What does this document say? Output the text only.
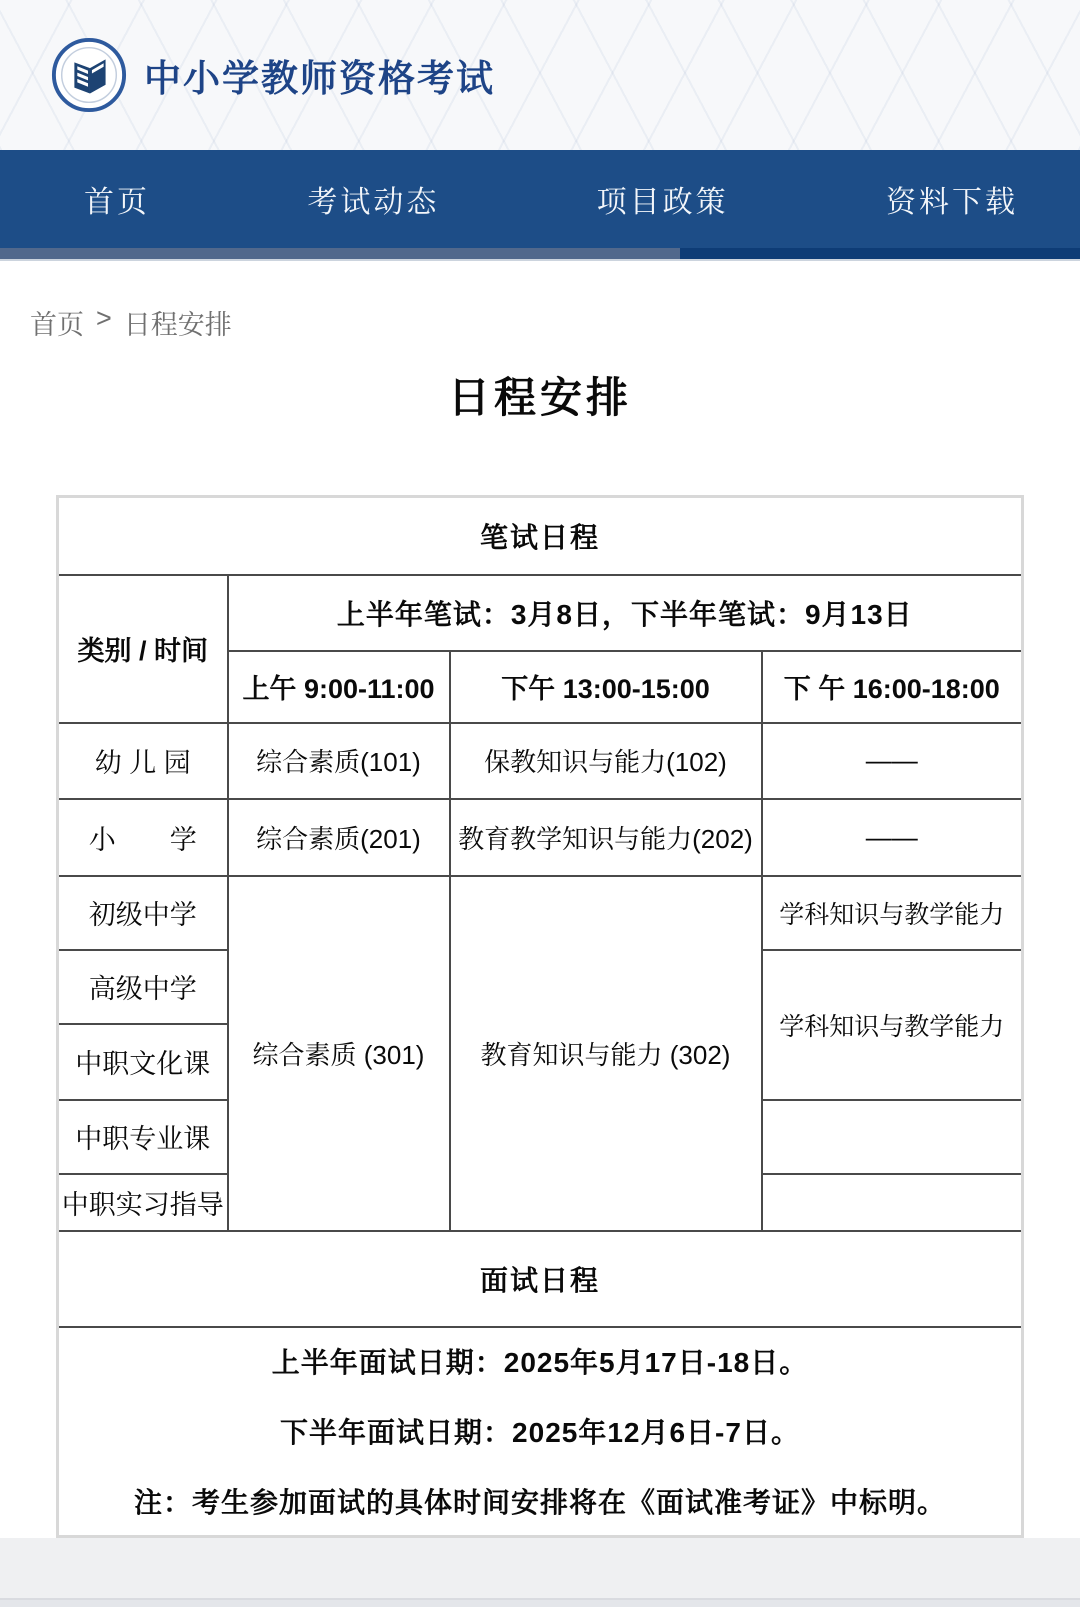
中小学教师资格考试
首页	考试动态	项目政策	资料下载
首页 > 日程安排
日程安排
笔试日程			
类别 / 时间	上半年笔试：3月8日，下半年笔试：9月13日		
	上午 9:00-11:00	下午 13:00-15:00	下 午 16:00-18:00
幼 儿 园	综合素质(101)	保教知识与能力(102)	——
小　　学	综合素质(201)	教育教学知识与能力(202)	——
初级中学	综合素质 (301)	教育知识与能力 (302)	学科知识与教学能力
高级中学			学科知识与教学能力
中职文化课			
中职专业课			
中职实习指导			
面试日程			

上半年面试日期：2025年5月17日-18日。

下半年面试日期：2025年12月6日-7日。

注：考生参加面试的具体时间安排将在《面试准考证》中标明。			
